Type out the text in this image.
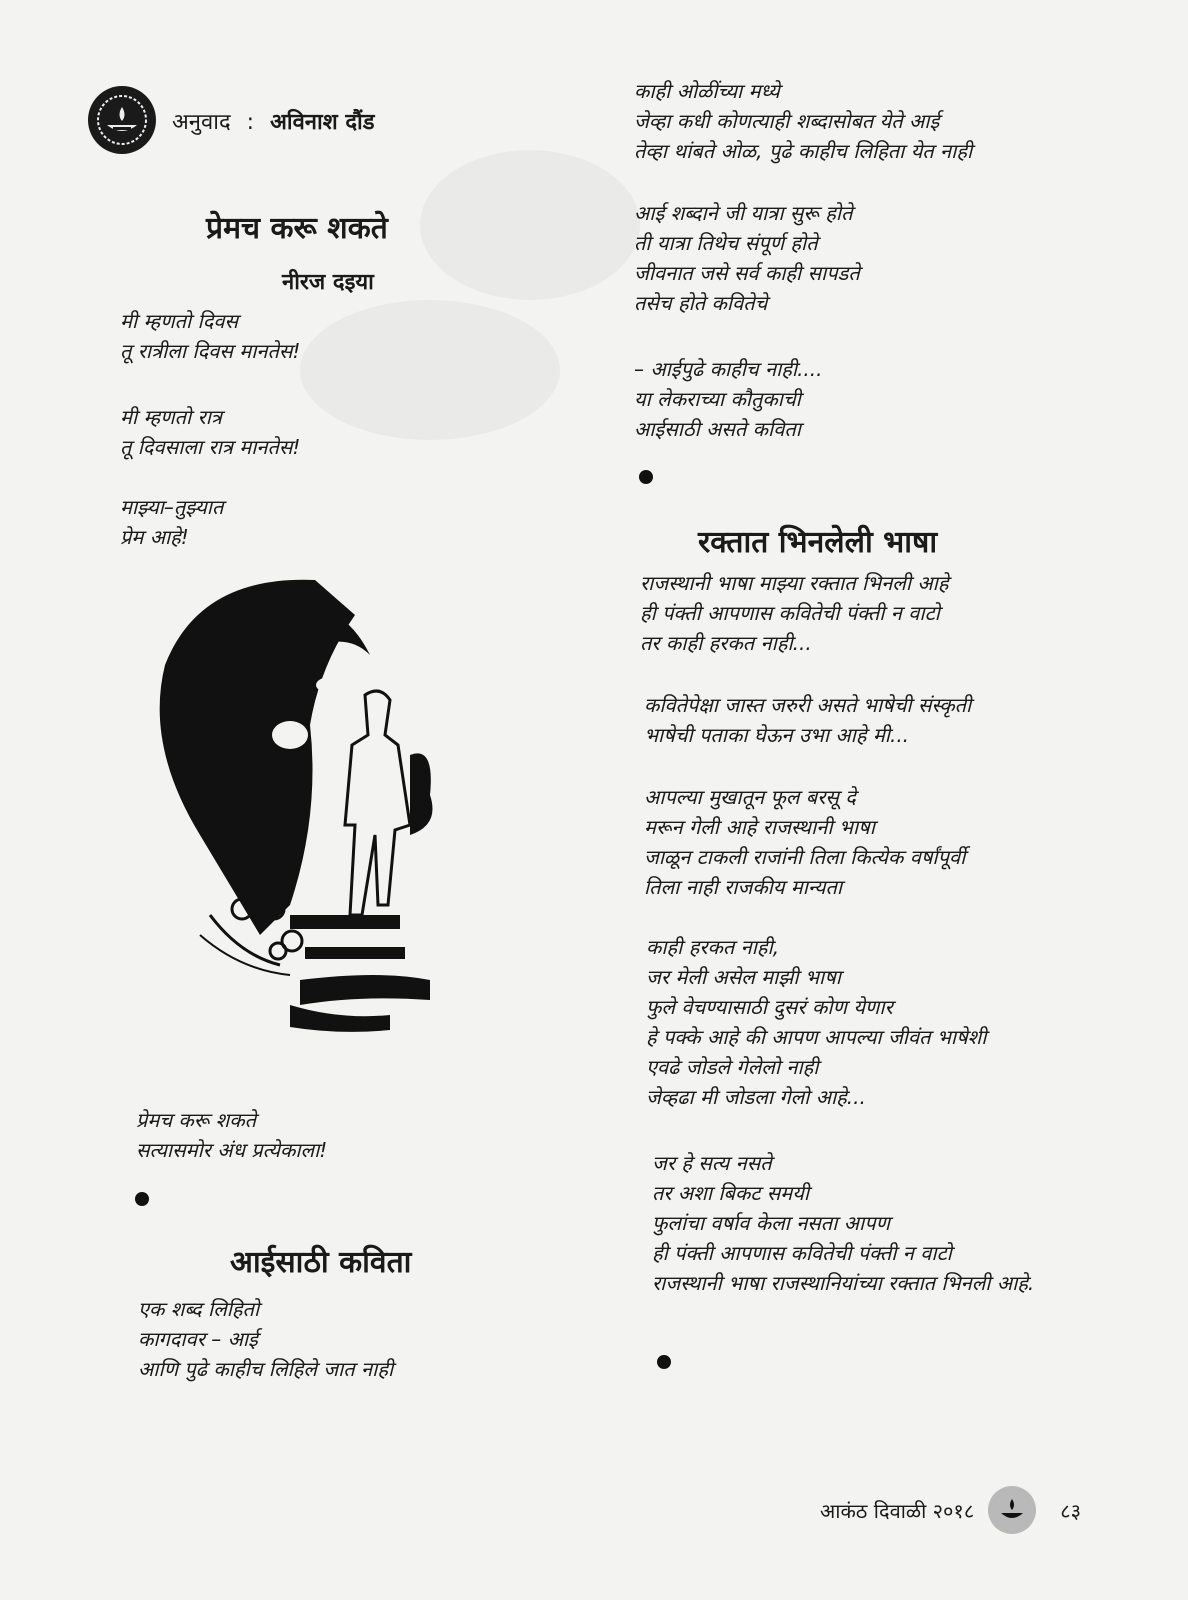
अनुवाद : अविनाश दौंड
प्रेमच करू शकते
नीरज दइया
मी म्हणतो दिवस
तू रात्रीला दिवस मानतेस!
मी म्हणतो रात्र
तू दिवसाला रात्र मानतेस!
माझ्या–तुझ्यात
प्रेम आहे!
प्रेमच करू शकते
सत्यासमोर अंध प्रत्येकाला!
आईसाठी कविता
एक शब्द लिहितो
कागदावर – आई
आणि पुढे काहीच लिहिले जात नाही
काही ओळींच्या मध्ये
जेव्हा कधी कोणत्याही शब्दासोबत येते आई
तेव्हा थांबते ओळ, पुढे काहीच लिहिता येत नाही
आई शब्दाने जी यात्रा सुरू होते
ती यात्रा तिथेच संपूर्ण होते
जीवनात जसे सर्व काही सापडते
तसेच होते कवितेचे
– आईपुढे काहीच नाही....
या लेकराच्या कौतुकाची
आईसाठी असते कविता
रक्तात भिनलेली भाषा
राजस्थानी भाषा माझ्या रक्तात भिनली आहे
ही पंक्ती आपणास कवितेची पंक्ती न वाटो
तर काही हरकत नाही...
कवितेपेक्षा जास्त जरुरी असते भाषेची संस्कृती
भाषेची पताका घेऊन उभा आहे मी...
आपल्या मुखातून फूल बरसू दे
मरून गेली आहे राजस्थानी भाषा
जाळून टाकली राजांनी तिला कित्येक वर्षांपूर्वी
तिला नाही राजकीय मान्यता
काही हरकत नाही,
जर मेली असेल माझी भाषा
फुले वेचण्यासाठी दुसरं कोण येणार
हे पक्के आहे की आपण आपल्या जीवंत भाषेशी
एवढे जोडले गेलेलो नाही
जेव्हढा मी जोडला गेलो आहे...
जर हे सत्य नसते
तर अशा बिकट समयी
फुलांचा वर्षाव केला नसता आपण
ही पंक्ती आपणास कवितेची पंक्ती न वाटो
राजस्थानी भाषा राजस्थानियांच्या रक्तात भिनली आहे.
आकंठ दिवाळी २०१८	८३
